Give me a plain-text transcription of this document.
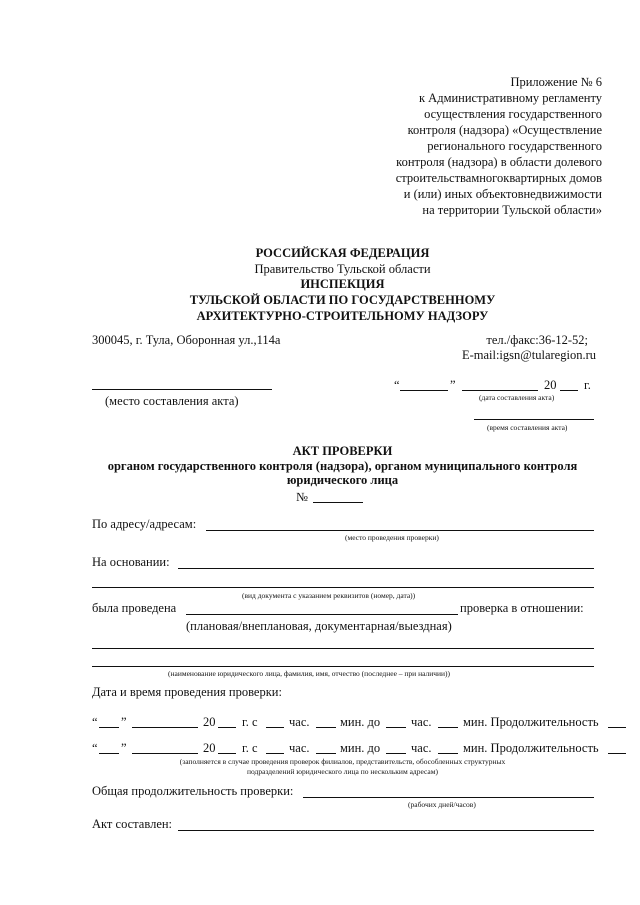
Приложение № 6
к Административному регламенту
осуществления государственного
контроля (надзора) «Осуществление
регионального государственного
контроля (надзора) в области долевого
строительствамногоквартирных домов
и (или) иных объектовнедвижимости
на территории Тульской области»
РОССИЙСКАЯ ФЕДЕРАЦИЯ
Правительство Тульской области
ИНСПЕКЦИЯ
ТУЛЬСКОЙ ОБЛАСТИ ПО ГОСУДАРСТВЕННОМУ
АРХИТЕКТУРНО-СТРОИТЕЛЬНОМУ НАДЗОРУ
300045, г. Тула, Оборонная ул.,114а	тел./факс:36-12-52;
E-mail:igsn@tularegion.ru
(место составления акта)
“	”	20 г.
(дата составления акта)
(время составления акта)
АКТ ПРОВЕРКИ
органом государственного контроля (надзора), органом муниципального контроля
юридического лица
№
По адресу/адресам:
(место проведения проверки)
На основании:
(вид документа с указанием реквизитов (номер, дата))
была проведена	проверка в отношении:
(плановая/внеплановая, документарная/выездная)
(наименование юридического лица, фамилия, имя, отчество (последнее – при наличии))
Дата и время проведения проверки:
“ ”	20 г. с	час. мин. до час.	мин. Продолжительность
“ ”	20 г. с	час. мин. до час.	мин. Продолжительность
(заполняется в случае проведения проверок филиалов, представительств, обособленных структурных
подразделений юридического лица по нескольким адресам)
Общая продолжительность проверки:
(рабочих дней/часов)
Акт составлен:
